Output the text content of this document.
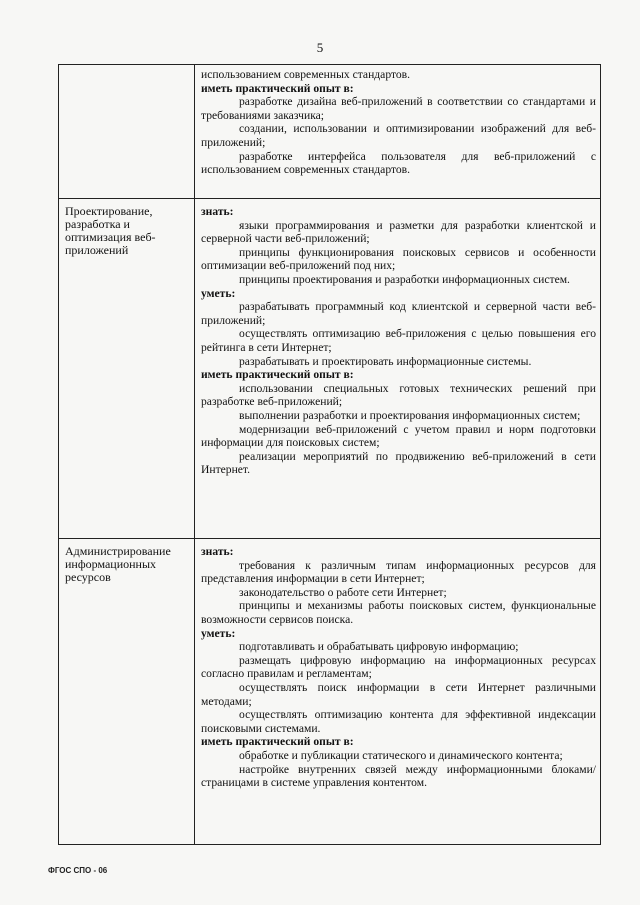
5
использованием современных стандартов.
иметь практический опыт в:
разработке дизайна веб-приложений в соответствии со стандартами и требованиями заказчика;
создании, использовании и оптимизировании изображений для веб-приложений;
разработке интерфейса пользователя для веб-приложений с использованием современных стандартов.
Проектирование, разработка и оптимизация веб-приложений
знать:
языки программирования и разметки для разработки клиентской и серверной части веб-приложений;
принципы функционирования поисковых сервисов и особенности оптимизации веб-приложений под них;
принципы проектирования и разработки информационных систем.
уметь:
разрабатывать программный код клиентской и серверной части веб-приложений;
осуществлять оптимизацию веб-приложения с целью повышения его рейтинга в сети Интернет;
разрабатывать и проектировать информационные системы.
иметь практический опыт в:
использовании специальных готовых технических решений при разработке веб-приложений;
выполнении разработки и проектирования информационных систем;
модернизации веб-приложений с учетом правил и норм подготовки информации для поисковых систем;
реализации мероприятий по продвижению веб-приложений в сети Интернет.
Администрирование информационных ресурсов
знать:
требования к различным типам информационных ресурсов для представления информации в сети Интернет;
законодательство о работе сети Интернет;
принципы и механизмы работы поисковых систем, функциональные возможности сервисов поиска.
уметь:
подготавливать и обрабатывать цифровую информацию;
размещать цифровую информацию на информационных ресурсах согласно правилам и регламентам;
осуществлять поиск информации в сети Интернет различными методами;
осуществлять оптимизацию контента для эффективной индексации поисковыми системами.
иметь практический опыт в:
обработке и публикации статического и динамического контента;
настройке внутренних связей между информационными блоками/ страницами в системе управления контентом.
ФГОС СПО - 06
